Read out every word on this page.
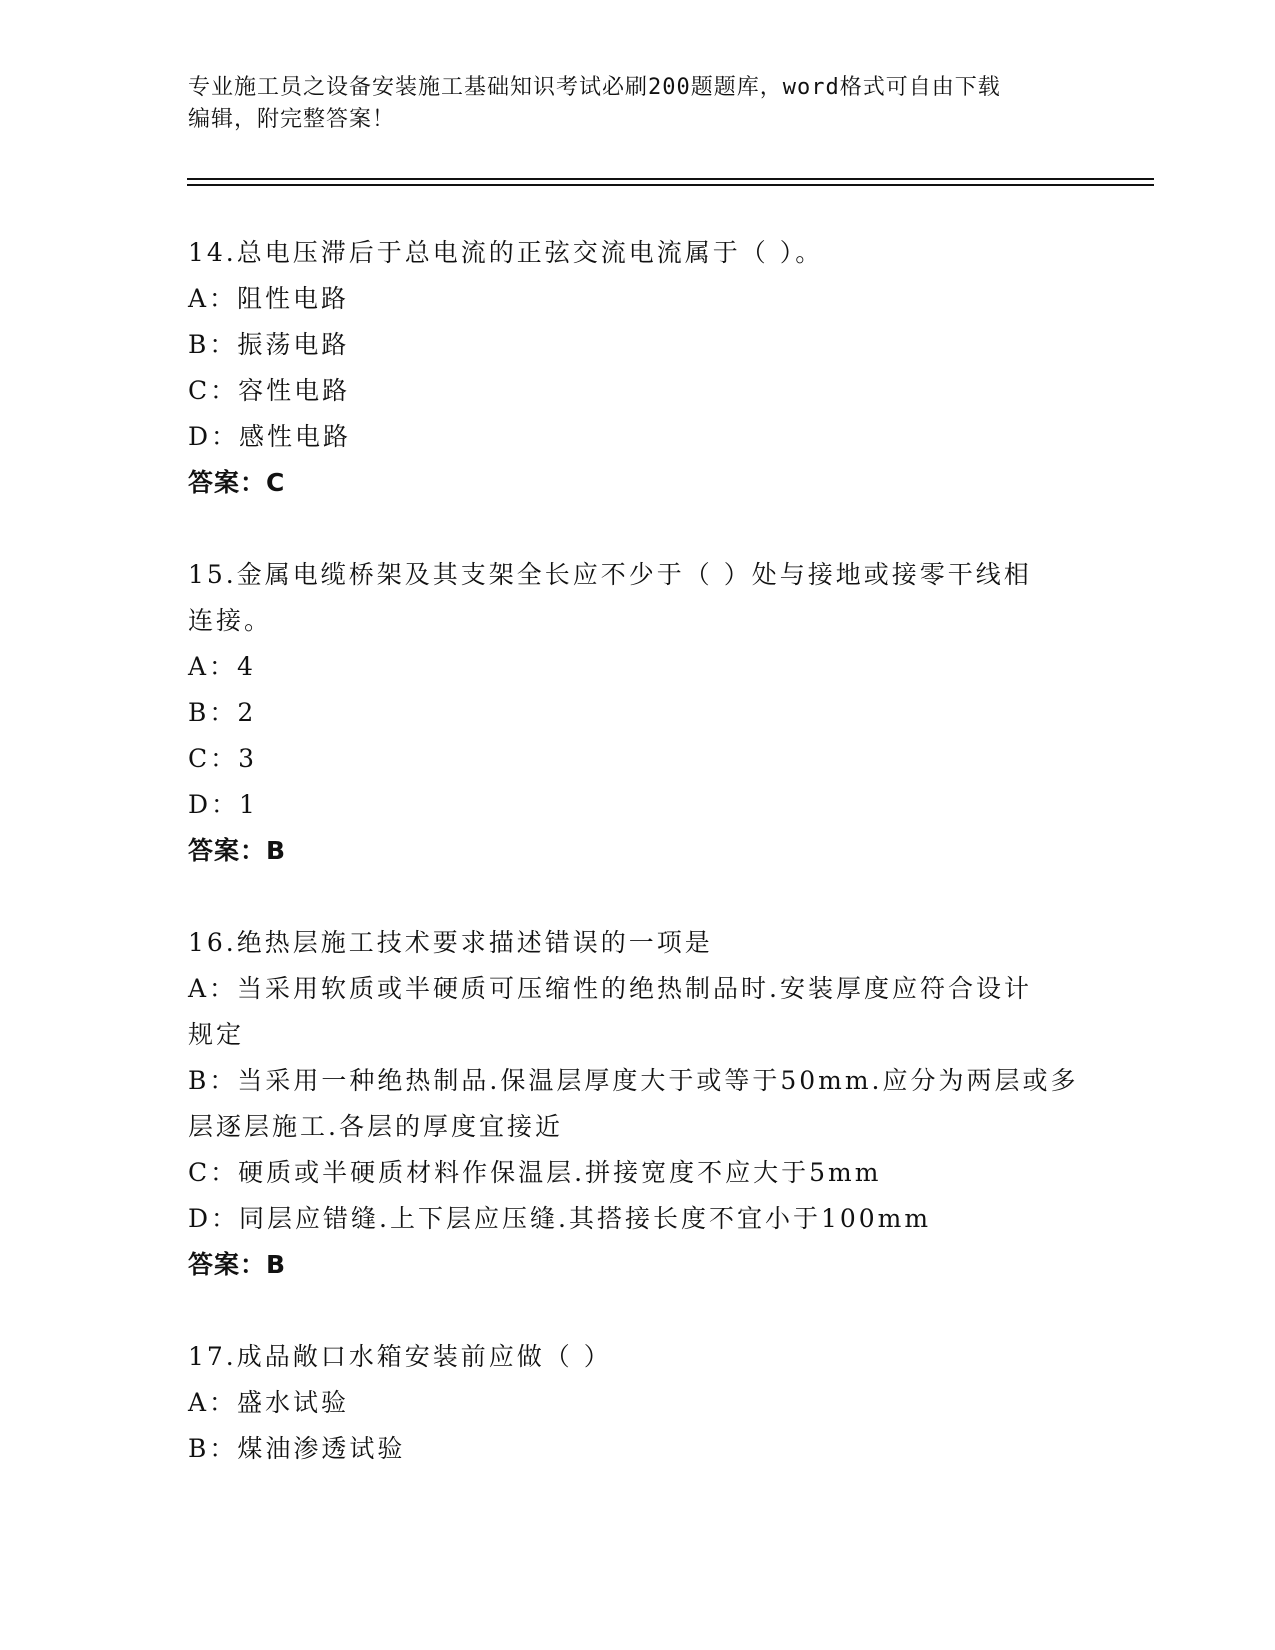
专业施工员之设备安装施工基础知识考试必刷200题题库，word格式可自由下载
编辑，附完整答案！
14.总电压滞后于总电流的正弦交流电流属于（ ）。
A：阻性电路
B：振荡电路
C：容性电路
D：感性电路
答案：C
15.金属电缆桥架及其支架全长应不少于（ ）处与接地或接零干线相
连接。
A：4
B：2
C：3
D：1
答案：B
16.绝热层施工技术要求描述错误的一项是
A：当采用软质或半硬质可压缩性的绝热制品时.安装厚度应符合设计
规定
B：当采用一种绝热制品.保温层厚度大于或等于50mm.应分为两层或多
层逐层施工.各层的厚度宜接近
C：硬质或半硬质材料作保温层.拼接宽度不应大于5mm
D：同层应错缝.上下层应压缝.其搭接长度不宜小于100mm
答案：B
17.成品敞口水箱安装前应做（ ）
A：盛水试验
B：煤油渗透试验
